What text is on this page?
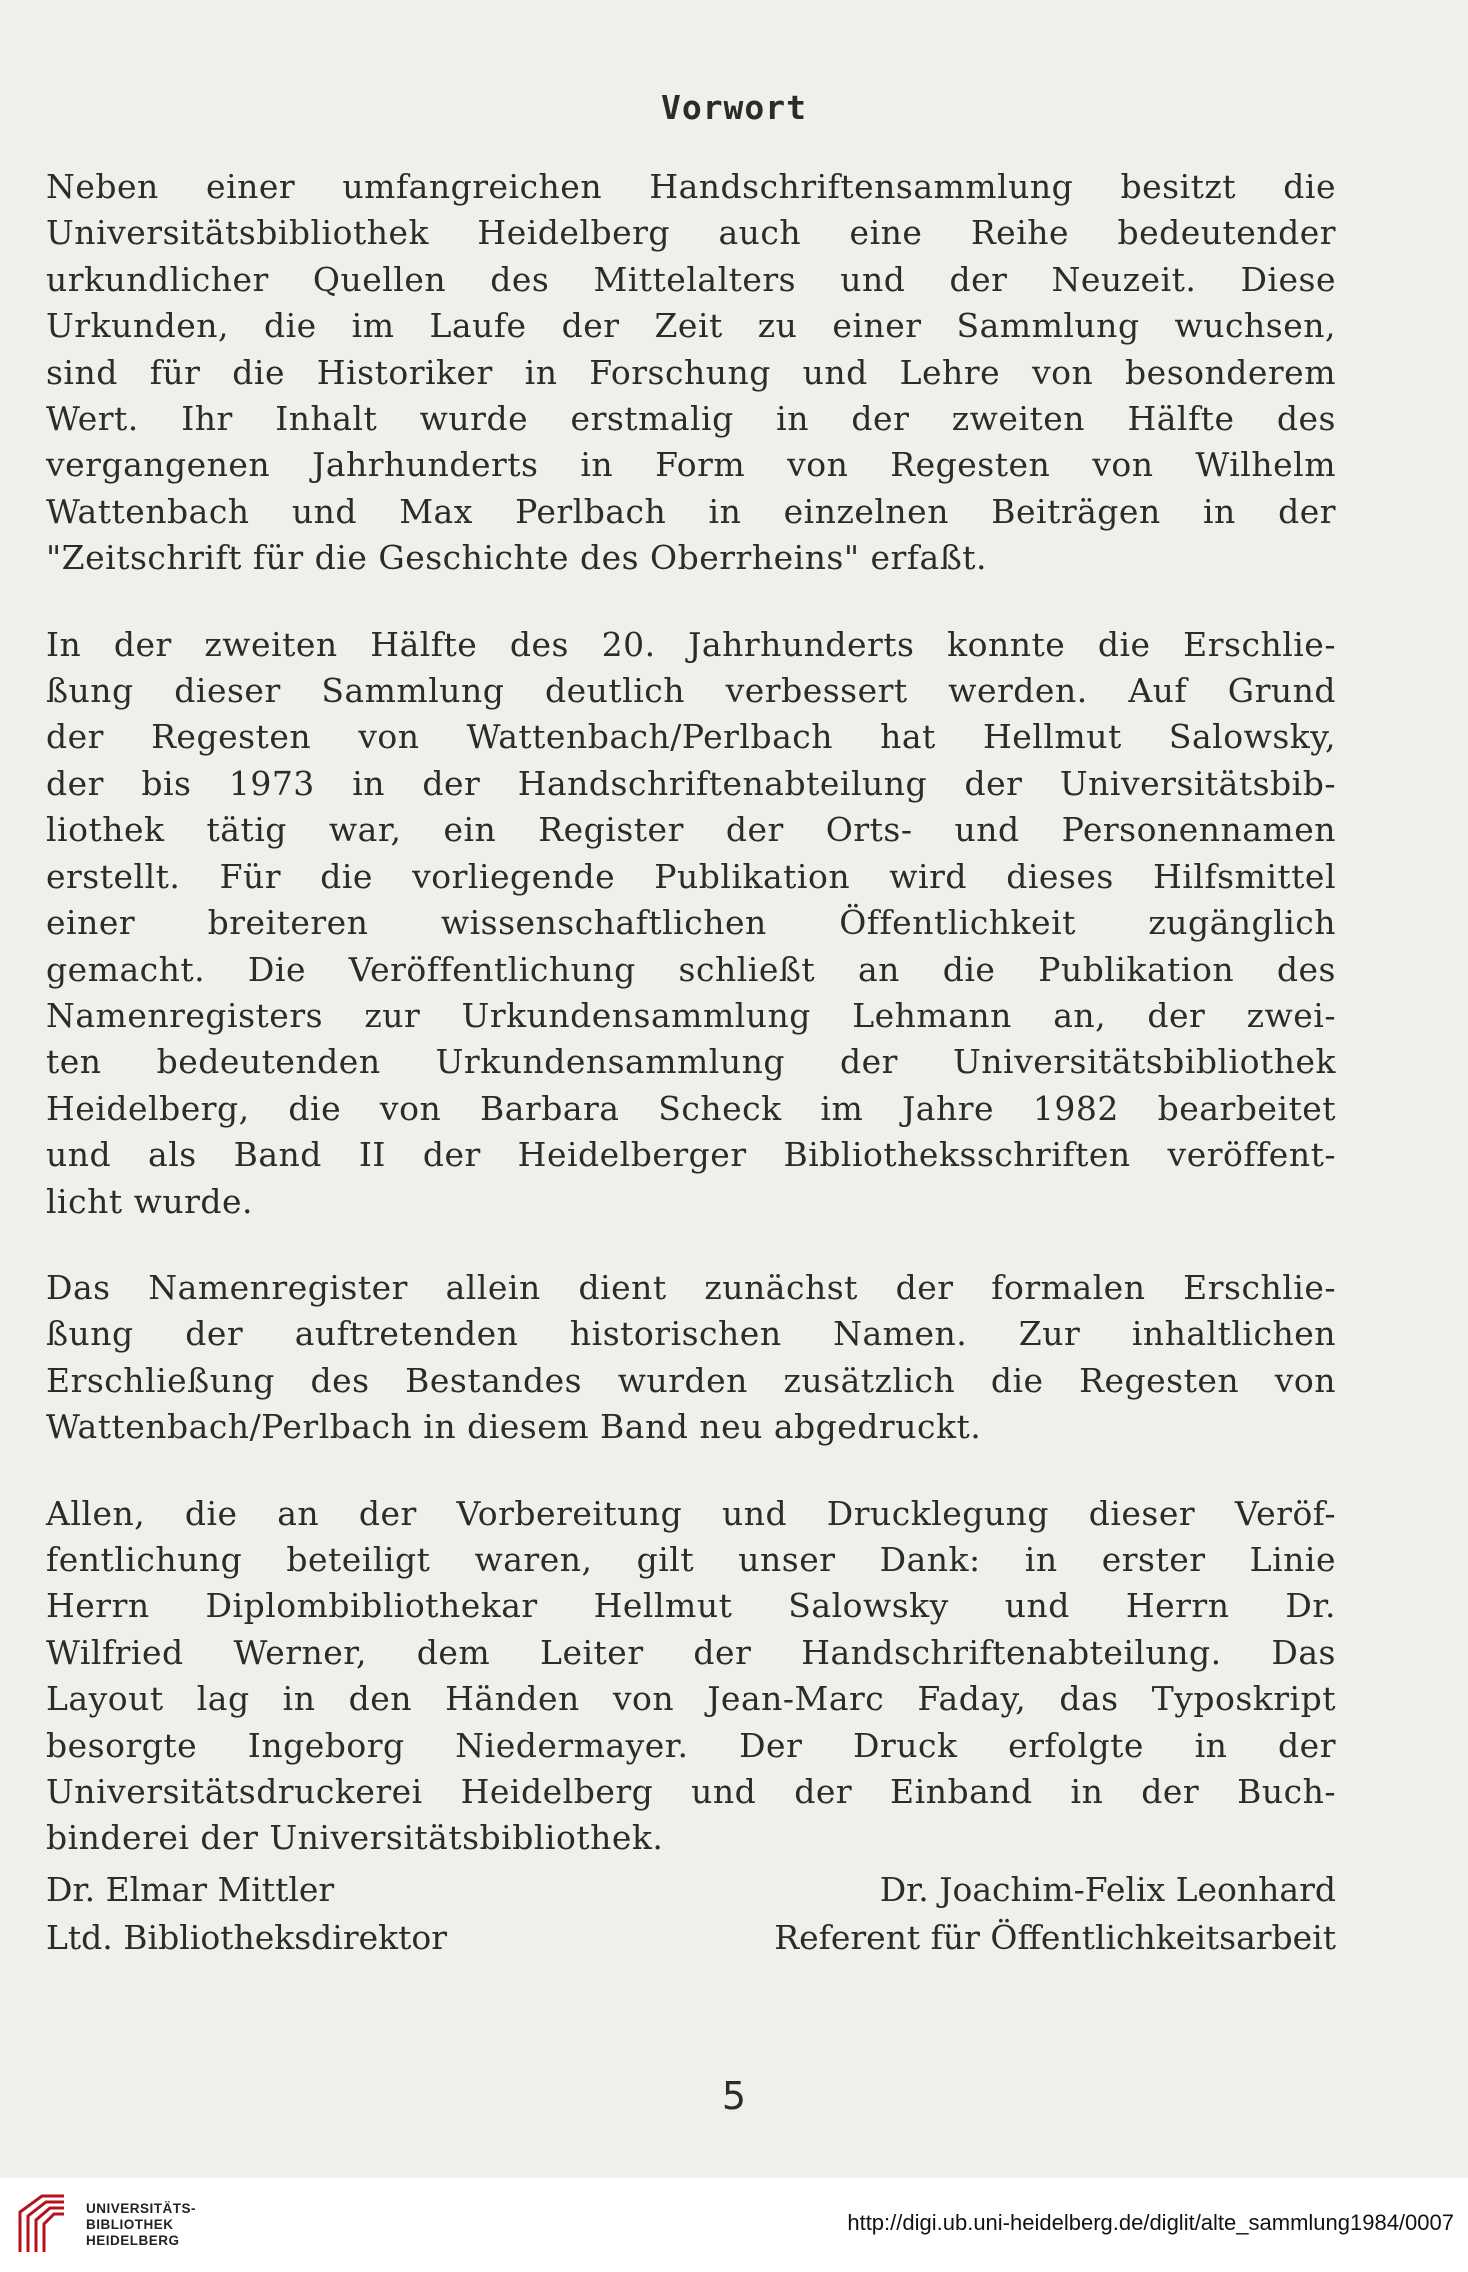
Vorwort
Neben einer umfangreichen Handschriftensammlung besitzt die
Universitätsbibliothek Heidelberg auch eine Reihe bedeutender
urkundlicher Quellen des Mittelalters und der Neuzeit. Diese
Urkunden, die im Laufe der Zeit zu einer Sammlung wuchsen,
sind für die Historiker in Forschung und Lehre von besonderem
Wert. Ihr Inhalt wurde erstmalig in der zweiten Hälfte des
vergangenen Jahrhunderts in Form von Regesten von Wilhelm
Wattenbach und Max Perlbach in einzelnen Beiträgen in der
"Zeitschrift für die Geschichte des Oberrheins" erfaßt.
In der zweiten Hälfte des 20. Jahrhunderts konnte die Erschlie-
ßung dieser Sammlung deutlich verbessert werden. Auf Grund
der Regesten von Wattenbach/Perlbach hat Hellmut Salowsky,
der bis 1973 in der Handschriftenabteilung der Universitätsbib-
liothek tätig war, ein Register der Orts- und Personennamen
erstellt. Für die vorliegende Publikation wird dieses Hilfsmittel
einer breiteren wissenschaftlichen Öffentlichkeit zugänglich
gemacht. Die Veröffentlichung schließt an die Publikation des
Namenregisters zur Urkundensammlung Lehmann an, der zwei-
ten bedeutenden Urkundensammlung der Universitätsbibliothek
Heidelberg, die von Barbara Scheck im Jahre 1982 bearbeitet
und als Band II der Heidelberger Bibliotheksschriften veröffent-
licht wurde.
Das Namenregister allein dient zunächst der formalen Erschlie-
ßung der auftretenden historischen Namen. Zur inhaltlichen
Erschließung des Bestandes wurden zusätzlich die Regesten von
Wattenbach/Perlbach in diesem Band neu abgedruckt.
Allen, die an der Vorbereitung und Drucklegung dieser Veröf-
fentlichung beteiligt waren, gilt unser Dank: in erster Linie
Herrn Diplombibliothekar Hellmut Salowsky und Herrn Dr.
Wilfried Werner, dem Leiter der Handschriftenabteilung. Das
Layout lag in den Händen von Jean-Marc Faday, das Typoskript
besorgte Ingeborg Niedermayer. Der Druck erfolgte in der
Universitätsdruckerei Heidelberg und der Einband in der Buch-
binderei der Universitätsbibliothek.
Dr. Elmar Mittler	Dr. Joachim-Felix Leonhard
Ltd. Bibliotheksdirektor	Referent für Öffentlichkeitsarbeit
5
UNIVERSITÄTS-
BIBLIOTHEK
HEIDELBERG
http://digi.ub.uni-heidelberg.de/diglit/alte_sammlung1984/0007
